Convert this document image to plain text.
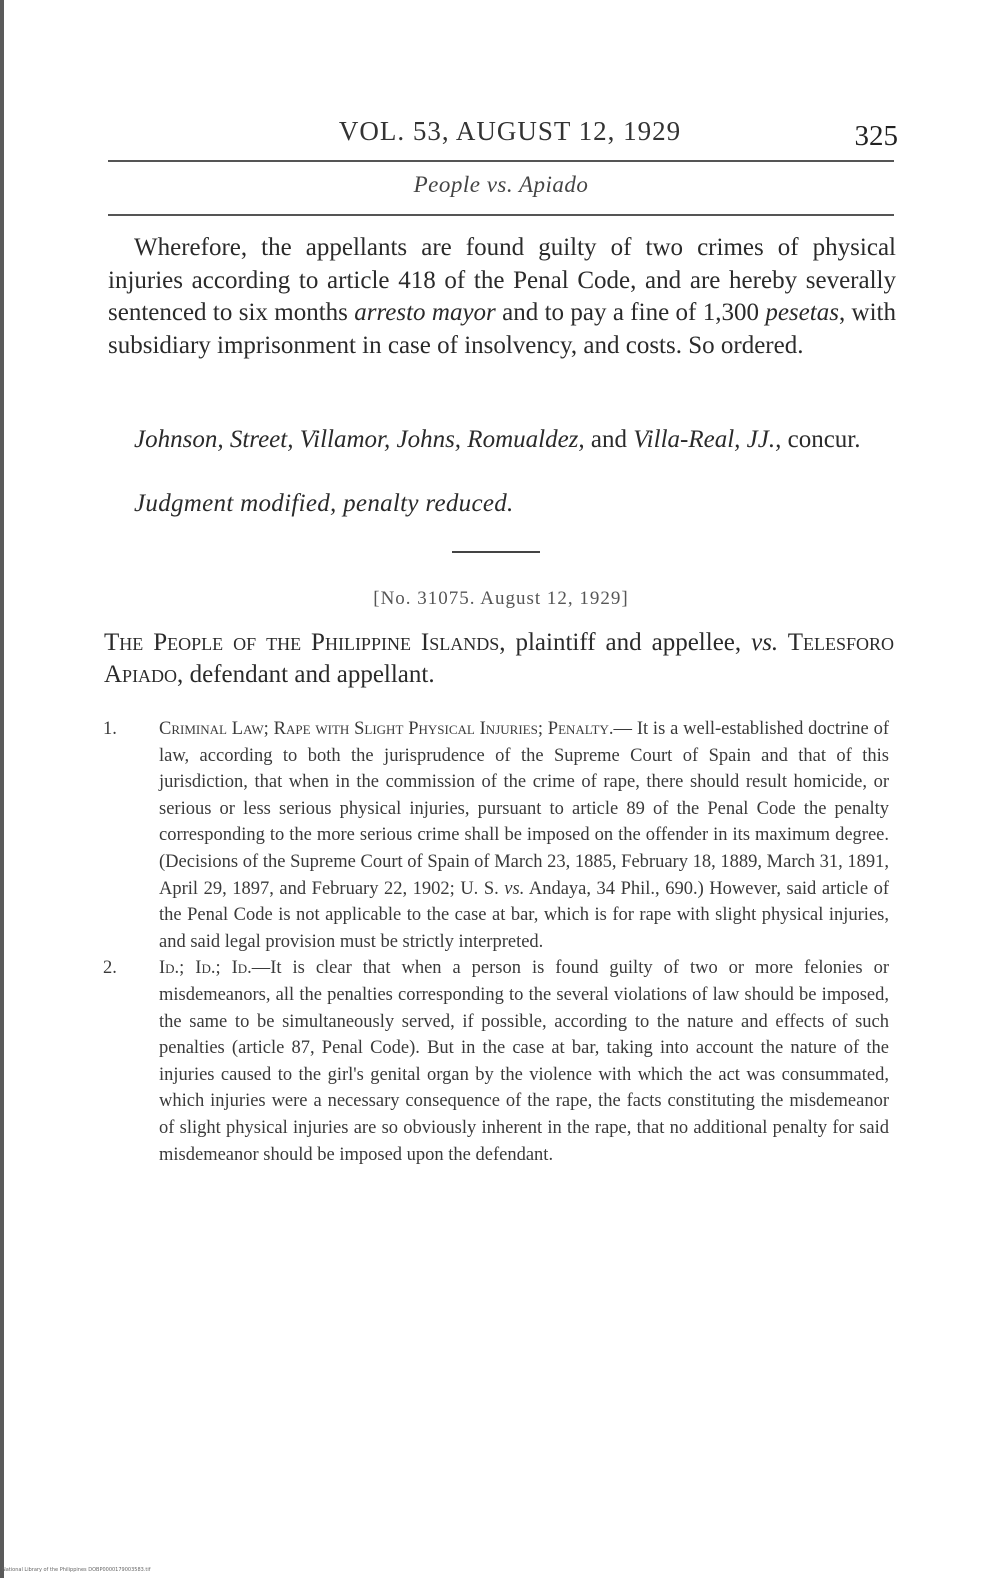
VOL. 53, AUGUST 12, 1929	325
People vs. Apiado
Wherefore, the appellants are found guilty of two crimes of physical injuries according to article 418 of the Penal Code, and are hereby severally sentenced to six months arresto mayor and to pay a fine of 1,300 pesetas, with subsidiary imprisonment in case of insolvency, and costs. So ordered.
Johnson, Street, Villamor, Johns, Romualdez, and Villa-Real, JJ., concur.
Judgment modified, penalty reduced.
[No. 31075. August 12, 1929]
The People of the Philippine Islands, plaintiff and appellee, vs. Telesforo Apiado, defendant and appellant.
1. Criminal Law; Rape with Slight Physical Injuries; Penalty.— It is a well-established doctrine of law, according to both the jurisprudence of the Supreme Court of Spain and that of this jurisdiction, that when in the commission of the crime of rape, there should result homicide, or serious or less serious physical injuries, pursuant to article 89 of the Penal Code the penalty corresponding to the more serious crime shall be imposed on the offender in its maximum degree. (Decisions of the Supreme Court of Spain of March 23, 1885, February 18, 1889, March 31, 1891, April 29, 1897, and February 22, 1902; U. S. vs. Andaya, 34 Phil., 690.) However, said article of the Penal Code is not applicable to the case at bar, which is for rape with slight physical injuries, and said legal provision must be strictly interpreted.
2. Id.; Id.; Id.—It is clear that when a person is found guilty of two or more felonies or misdemeanors, all the penalties corresponding to the several violations of law should be imposed, the same to be simultaneously served, if possible, according to the nature and effects of such penalties (article 87, Penal Code). But in the case at bar, taking into account the nature of the injuries caused to the girl's genital organ by the violence with which the act was consummated, which injuries were a necessary consequence of the rape, the facts constituting the misdemeanor of slight physical injuries are so obviously inherent in the rape, that no additional penalty for said misdemeanor should be imposed upon the defendant.
National Library of the Philippines DOBP0000179003583.tif
